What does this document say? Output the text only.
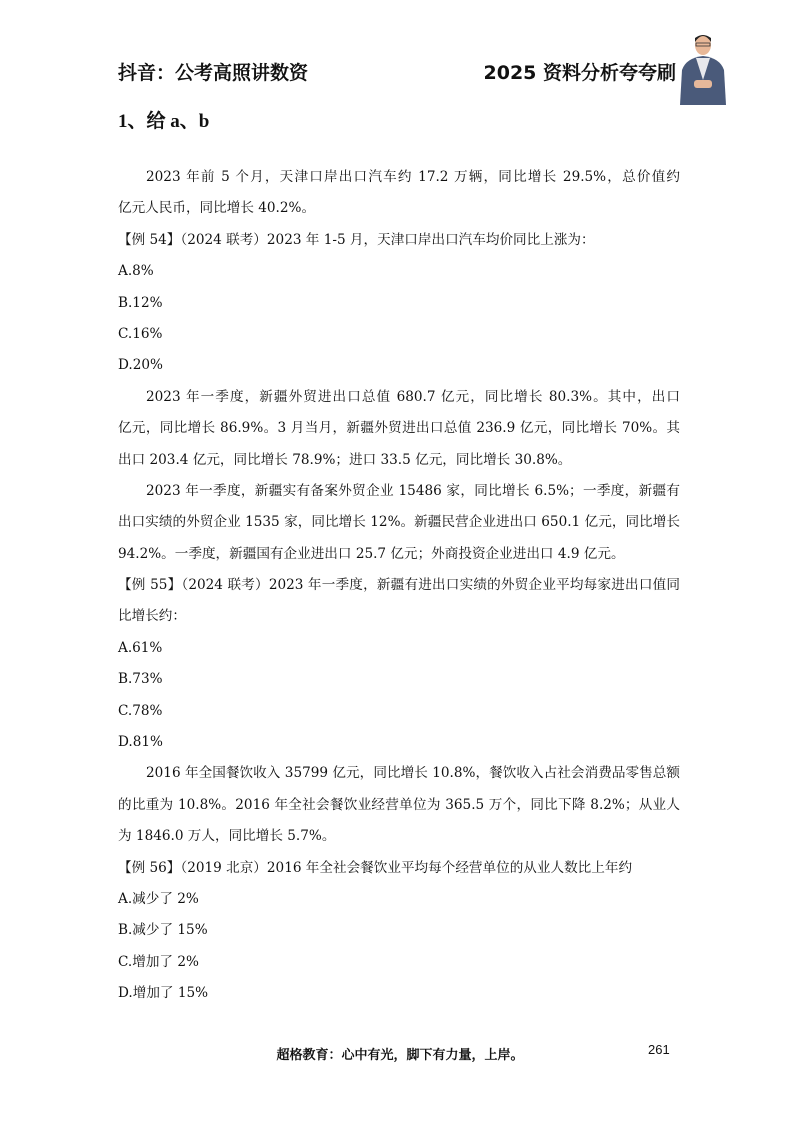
抖音：公考高照讲数资	2025 资料分析夸夸刷
1、给 a、b
2023 年前 5 个月，天津口岸出口汽车约 17.2 万辆，同比增长 29.5%，总价值约
亿元人民币，同比增长 40.2%。
【例 54】（2024 联考）2023 年 1-5 月，天津口岸出口汽车均价同比上涨为：
A.8%
B.12%
C.16%
D.20%
2023 年一季度，新疆外贸进出口总值 680.7 亿元，同比增长 80.3%。其中，出口
亿元，同比增长 86.9%。3 月当月，新疆外贸进出口总值 236.9 亿元，同比增长 70%。其
出口 203.4 亿元，同比增长 78.9%；进口 33.5 亿元，同比增长 30.8%。
2023 年一季度，新疆实有备案外贸企业 15486 家，同比增长 6.5%；一季度，新疆有
出口实绩的外贸企业 1535 家，同比增长 12%。新疆民营企业进出口 650.1 亿元，同比增长
94.2%。一季度，新疆国有企业进出口 25.7 亿元；外商投资企业进出口 4.9 亿元。
【例 55】（2024 联考）2023 年一季度，新疆有进出口实绩的外贸企业平均每家进出口值同
比增长约：
A.61%
B.73%
C.78%
D.81%
2016 年全国餐饮收入 35799 亿元，同比增长 10.8%，餐饮收入占社会消费品零售总额
的比重为 10.8%。2016 年全社会餐饮业经营单位为 365.5 万个，同比下降 8.2%；从业人
为 1846.0 万人，同比增长 5.7%。
【例 56】（2019 北京）2016 年全社会餐饮业平均每个经营单位的从业人数比上年约
A.减少了 2%
B.减少了 15%
C.增加了 2%
D.增加了 15%
超格教育：心中有光，脚下有力量，上岸。	261
